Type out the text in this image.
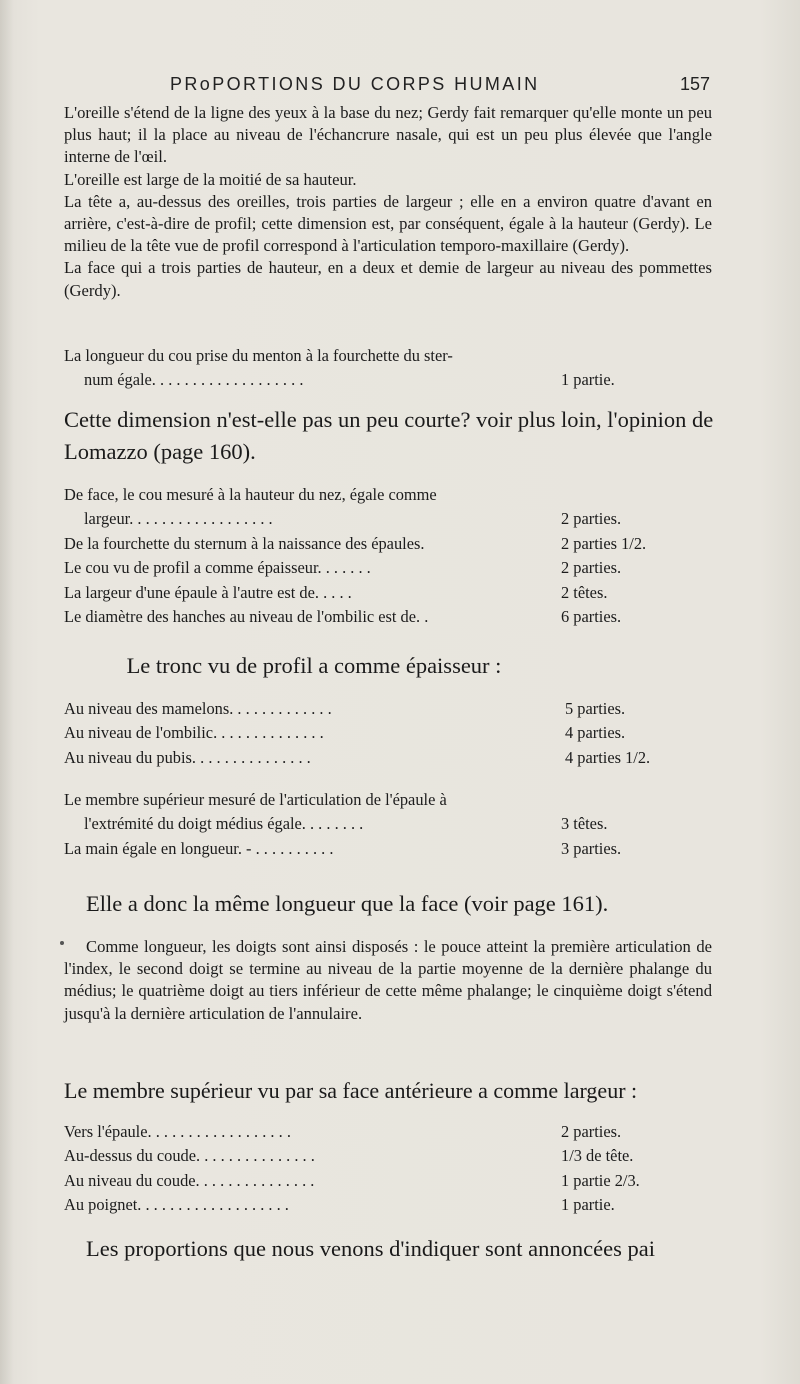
PRoPORTIONS DU CORPS HUMAIN	157

L'oreille s'étend de la ligne des yeux à la base du nez; Gerdy fait remarquer qu'elle monte un peu plus haut; il la place au niveau de l'échancrure nasale, qui est un peu plus élevée que l'angle interne de l'œil.

L'oreille est large de la moitié de sa hauteur.

La tête a, au-dessus des oreilles, trois parties de largeur ; elle en a environ quatre d'avant en arrière, c'est-à-dire de profil; cette dimension est, par conséquent, égale à la hauteur (Gerdy). Le milieu de la tête vue de profil correspond à l'articulation temporo-maxillaire (Gerdy).

La face qui a trois parties de hauteur, en a deux et demie de largeur au niveau des pommettes (Gerdy).

La longueur du cou prise du menton à la fourchette du ster-
num égale. . . . . . . . . . . . . . . . . . .	1 partie.
Cette dimension n'est-elle pas un peu courte? voir plus loin, l'opinion de Lomazzo (page 160).
De face, le cou mesuré à la hauteur du nez, égale comme
largeur. . . . . . . . . . . . . . . . . .	2 parties.
De la fourchette du sternum à la naissance des épaules.	2 parties 1/2.
Le cou vu de profil a comme épaisseur. . . . . . .	2 parties.
La largeur d'une épaule à l'autre est de. . . . .	2 têtes.
Le diamètre des hanches au niveau de l'ombilic est de. .	6 parties.
Le tronc vu de profil a comme épaisseur :
Au niveau des mamelons. . . . . . . . . . . . .	5 parties.
Au niveau de l'ombilic. . . . . . . . . . . . . .	4 parties.
Au niveau du pubis. . . . . . . . . . . . . . .	4 parties 1/2.
Le membre supérieur mesuré de l'articulation de l'épaule à
l'extrémité du doigt médius égale. . . . . . . .	3 têtes.
La main égale en longueur. - . . . . . . . . . .	3 parties.
Elle a donc la même longueur que la face (voir page 161).

Comme longueur, les doigts sont ainsi disposés : le pouce atteint la première articulation de l'index, le second doigt se termine au niveau de la partie moyenne de la dernière phalange du médius; le quatrième doigt au tiers inférieur de cette même phalange; le cinquième doigt s'étend jusqu'à la dernière articulation de l'annulaire.

Le membre supérieur vu par sa face antérieure a comme largeur :
Vers l'épaule. . . . . . . . . . . . . . . . . .	2 parties.
Au-dessus du coude. . . . . . . . . . . . . . .	1/3 de tête.
Au niveau du coude. . . . . . . . . . . . . . .	1 partie 2/3.
Au poignet. . . . . . . . . . . . . . . . . . .	1 partie.
Les proportions que nous venons d'indiquer sont annoncées pai
